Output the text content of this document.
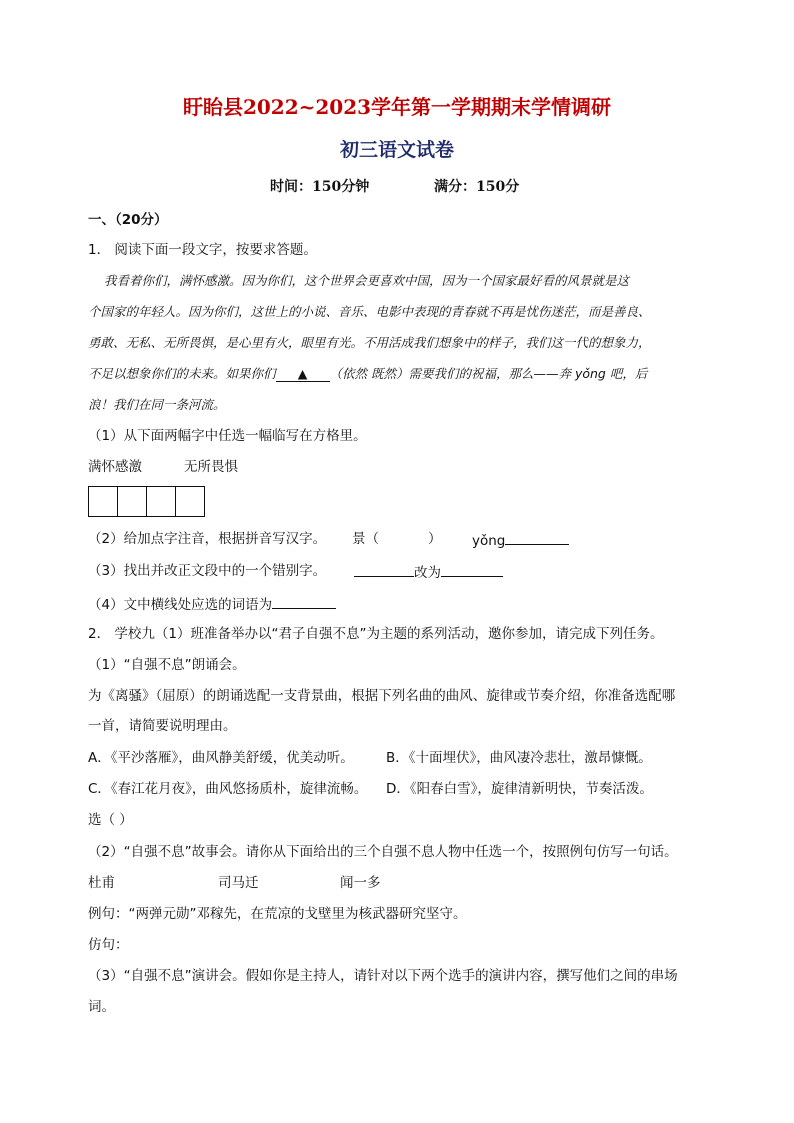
盱眙县2022~2023学年第一学期期末学情调研
初三语文试卷
时间：150分钟	满分：150分
一、（20分）
1． 阅读下面一段文字，按要求答题。
我看着你们，满怀感激。因为你们，这个世界会更喜欢中国，因为一个国家最好看的风景就是这
个国家的年轻人。因为你们，这世上的小说、音乐、电影中表现的青春就不再是忧伤迷茫，而是善良、
勇敢、无私、无所畏惧，是心里有火，眼里有光。不用活成我们想象中的样子，我们这一代的想象力，
不足以想象你们的未来。如果你们 ▲ （依然 既然）需要我们的祝福，那么——奔 yǒng 吧，后
浪！我们在同一条河流。
（1）从下面两幅字中任选一幅临写在方格里。
满怀感激	无所畏惧
（2）给加点字注音，根据拼音写汉字。 景（	） yǒng
（3）找出并改正文段中的一个错别字。	改为
（4）文中横线处应选的词语为
2． 学校九（1）班准备举办以“君子自强不息”为主题的系列活动，邀你参加，请完成下列任务。
（1）“自强不息”朗诵会。
为《离骚》（屈原）的朗诵选配一支背景曲，根据下列名曲的曲风、旋律或节奏介绍，你准备选配哪
一首，请简要说明理由。
A．《平沙落雁》，曲风静美舒缓，优美动听。 B．《十面埋伏》，曲风凄冷悲壮，激昂慷慨。
C．《春江花月夜》，曲风悠扬质朴，旋律流畅。 D．《阳春白雪》，旋律清新明快，节奏活泼。
选（ ）
（2）“自强不息”故事会。请你从下面给出的三个自强不息人物中任选一个，按照例句仿写一句话。
杜甫	司马迁	闻一多
例句：“两弹元勋”邓稼先，在荒凉的戈壁里为核武器研究坚守。
仿句：
（3）“自强不息”演讲会。假如你是主持人，请针对以下两个选手的演讲内容，撰写他们之间的串场
词。
